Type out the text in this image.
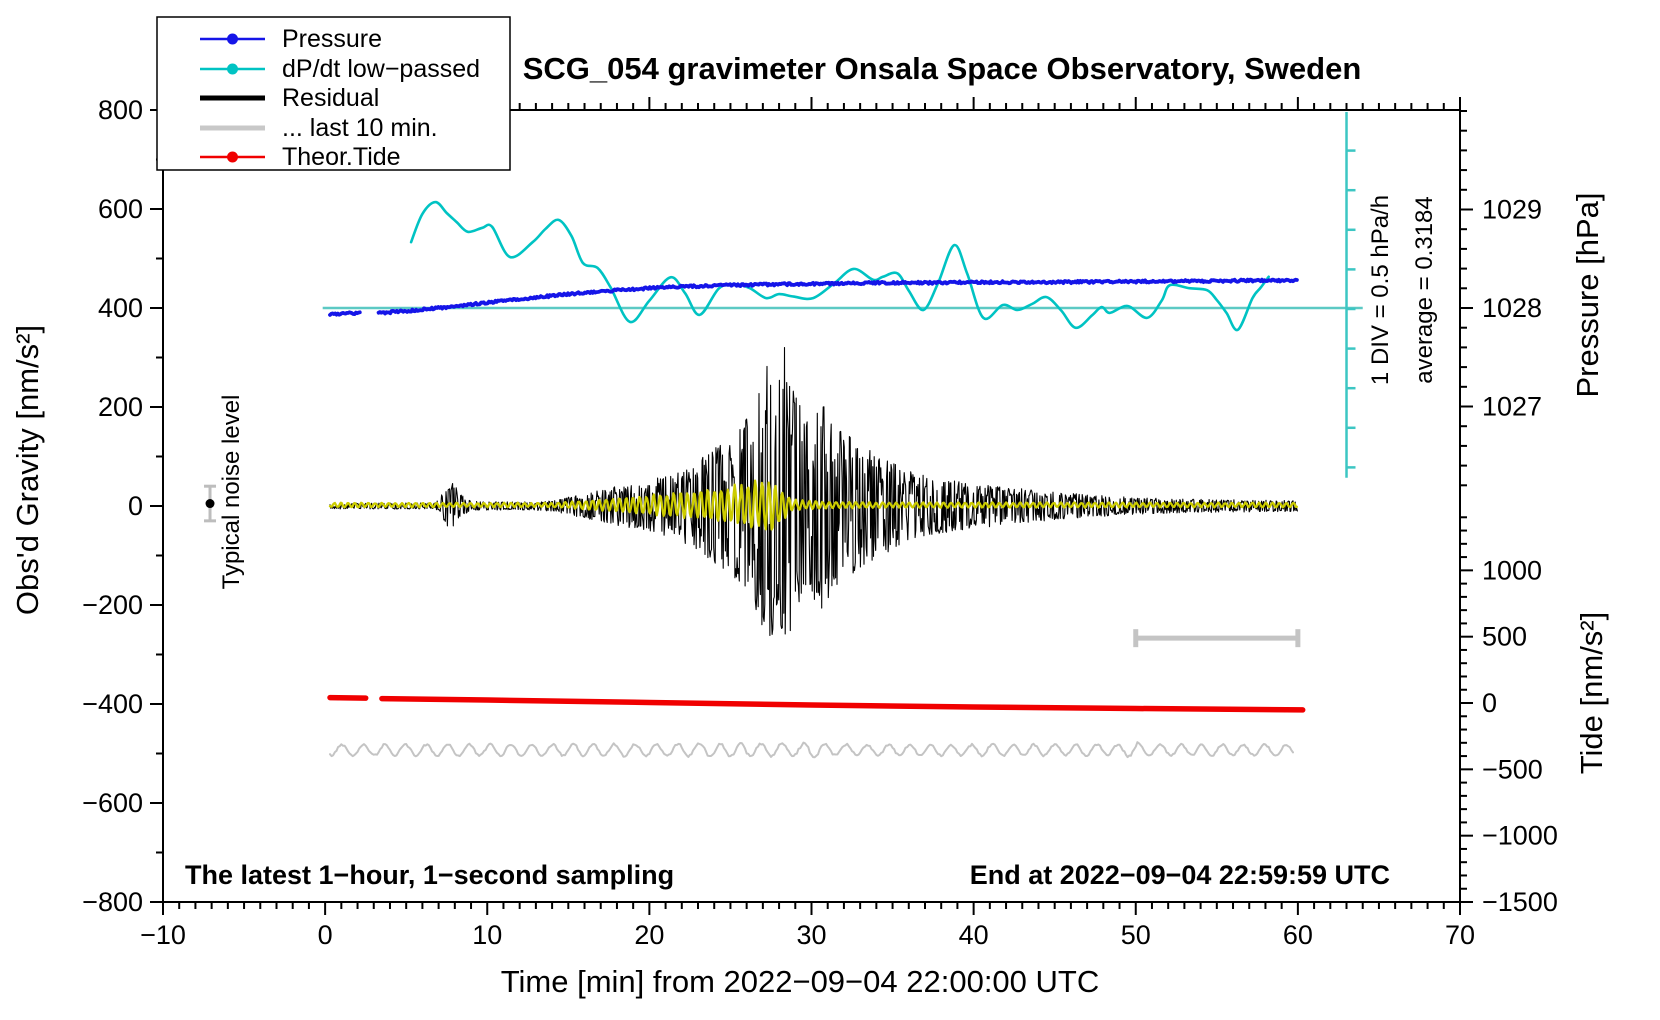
−800
−600
−400
−200
0
200
400
600
800
−10	0	10	20	30	40	50	60	70
1027
1028
1029
−1500
−1000
−500
0
500
1000
SCG_054 gravimeter Onsala Space Observatory, Sweden
Time [min] from 2022−09−04 22:00:00 UTC
Obs'd Gravity [nm/s²]
Pressure [hPa]
Tide [nm/s²]
1 DIV = 0.5 hPa/h average = 0.3184
Typical noise level
The latest 1−hour, 1−second sampling	End at 2022−09−04 22:59:59 UTC
Pressure
dP/dt low−passed
Residual
... last 10 min.
Theor.Tide
